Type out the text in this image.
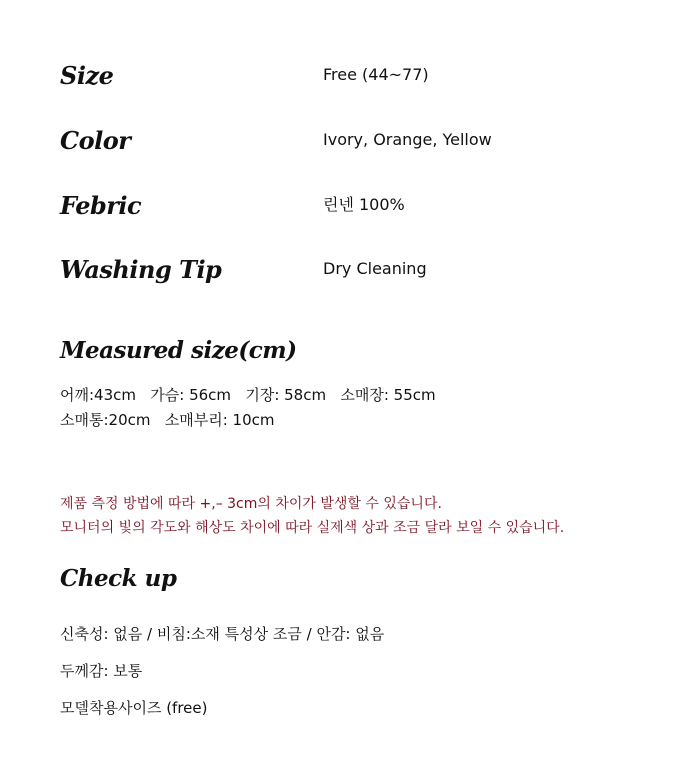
Size	Free (44~77)
Color	Ivory, Orange, Yellow
Febric	린넨 100%
Washing Tip	Dry Cleaning
Measured size(cm)
어깨:43cm   가슴: 56cm   기장: 58cm   소매장: 55cm
소매통:20cm   소매부리: 10cm
제품 측정 방법에 따라 +,– 3cm의 차이가 발생할 수 있습니다.
모니터의 빛의 각도와 해상도 차이에 따라 실제색 상과 조금 달라 보일 수 있습니다.
Check up
신축성: 없음 / 비침:소재 특성상 조금 / 안감: 없음
두께감: 보통
모델착용사이즈 (free)
